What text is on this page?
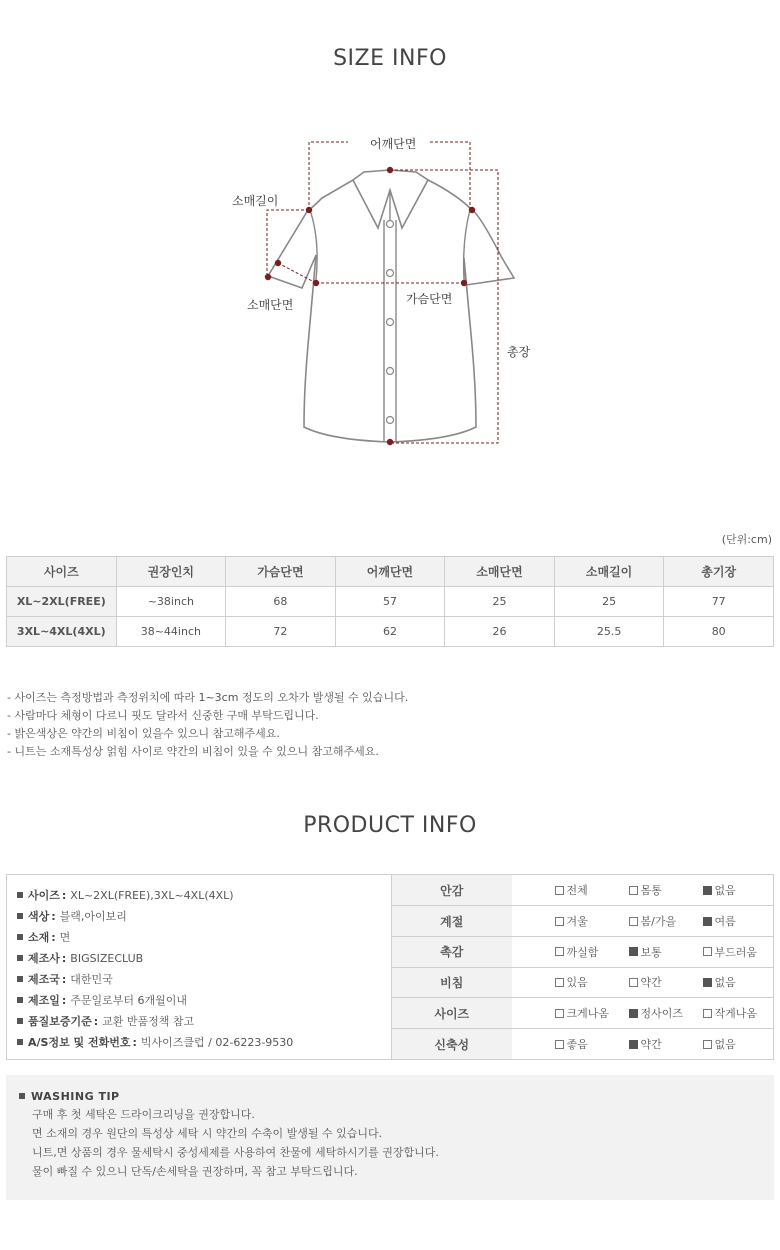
SIZE INFO
어깨단면
소매길이
소매단면	가슴단면
총장
(단위:cm)
사이즈	권장인치	가슴단면	어깨단면	소매단면	소매길이	총기장
XL~2XL(FREE)	~38inch	68	57	25	25	77
3XL~4XL(4XL)	38~44inch	72	62	26	25.5	80
- 사이즈는 측정방법과 측정위치에 따라 1~3cm 정도의 오차가 발생될 수 있습니다.
- 사람마다 체형이 다르니 핏도 달라서 신중한 구매 부탁드립니다.
- 밝은색상은 약간의 비침이 있을수 있으니 참고해주세요.
- 니트는 소재특성상 얽힘 사이로 약간의 비침이 있을 수 있으니 참고해주세요.
PRODUCT INFO
사이즈 : XL~2XL(FREE),3XL~4XL(4XL)
색상 : 블랙,아이보리
소재 : 면
제조사 : BIGSIZECLUB
제조국 : 대한민국
제조일 : 주문일로부터 6개월이내
품질보증기준 : 교환 반품정책 참고
A/S정보 및 전화번호 : 빅사이즈클럽 / 02-6223-9530
안감		전체	몸통	없음
계절		겨울	봄/가을	여름
촉감		까실함	보통	부드러움
비침		있음	약간	없음
사이즈		크게나옴	정사이즈	작게나옴
신축성		좋음	약간	없음
WASHING TIP
구매 후 첫 세탁은 드라이크리닝을 권장합니다.
면 소재의 경우 원단의 특성상 세탁 시 약간의 수축이 발생될 수 있습니다.
니트,면 상품의 경우 물세탁시 중성세제를 사용하여 찬물에 세탁하시기를 권장합니다.
물이 빠질 수 있으니 단독/손세탁을 권장하며, 꼭 참고 부탁드립니다.
